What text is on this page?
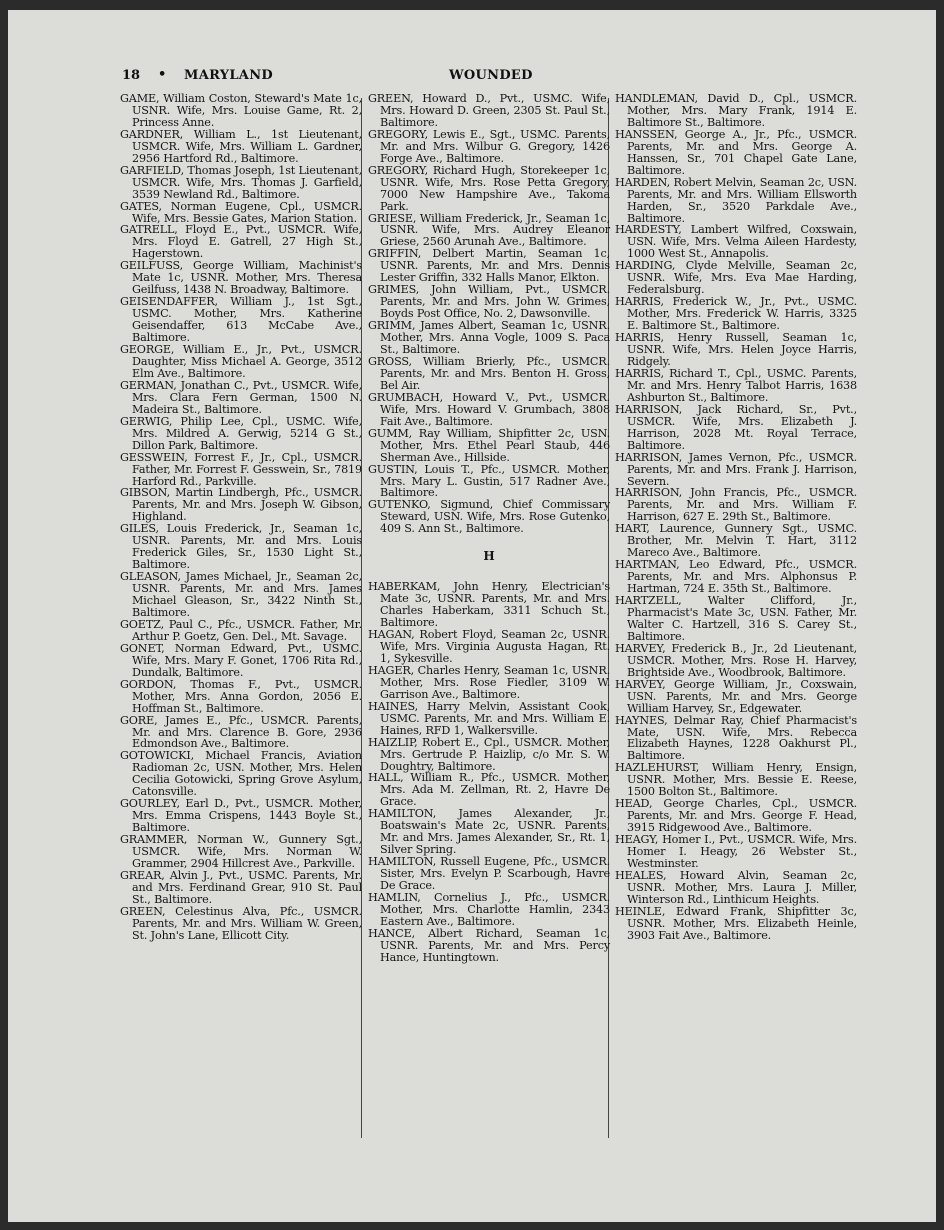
18 • MARYLAND	WOUNDED

GAME, William Coston, Steward's Mate 1c, USNR. Wife, Mrs. Louise Game, Rt. 2, Princess Anne.

GARDNER, William L., 1st Lieutenant, USMCR. Wife, Mrs. William L. Gardner, 2956 Hartford Rd., Baltimore.

GARFIELD, Thomas Joseph, 1st Lieutenant, USMCR. Wife, Mrs. Thomas J. Garfield, 3539 Newland Rd., Baltimore.

GATES, Norman Eugene, Cpl., USMCR. Wife, Mrs. Bessie Gates, Marion Station.

GATRELL, Floyd E., Pvt., USMCR. Wife, Mrs. Floyd E. Gatrell, 27 High St., Hagerstown.

GEILFUSS, George William, Machinist's Mate 1c, USNR. Mother, Mrs. Theresa Geilfuss, 1438 N. Broadway, Baltimore.

GEISENDAFFER, William J., 1st Sgt., USMC. Mother, Mrs. Katherine Geisendaffer, 613 McCabe Ave., Baltimore.

GEORGE, William E., Jr., Pvt., USMCR. Daughter, Miss Michael A. George, 3512 Elm Ave., Baltimore.

GERMAN, Jonathan C., Pvt., USMCR. Wife, Mrs. Clara Fern German, 1500 N. Madeira St., Baltimore.

GERWIG, Philip Lee, Cpl., USMC. Wife, Mrs. Mildred A. Gerwig, 5214 G St., Dillon Park, Baltimore.

GESSWEIN, Forrest F., Jr., Cpl., USMCR. Father, Mr. Forrest F. Gesswein, Sr., 7819 Harford Rd., Parkville.

GIBSON, Martin Lindbergh, Pfc., USMCR. Parents, Mr. and Mrs. Joseph W. Gibson, Highland.

GILES, Louis Frederick, Jr., Seaman 1c, USNR. Parents, Mr. and Mrs. Louis Frederick Giles, Sr., 1530 Light St., Baltimore.

GLEASON, James Michael, Jr., Seaman 2c, USNR. Parents, Mr. and Mrs. James Michael Gleason, Sr., 3422 Ninth St., Baltimore.

GOETZ, Paul C., Pfc., USMCR. Father, Mr. Arthur P. Goetz, Gen. Del., Mt. Savage.

GONET, Norman Edward, Pvt., USMC. Wife, Mrs. Mary F. Gonet, 1706 Rita Rd., Dundalk, Baltimore.

GORDON, Thomas F., Pvt., USMCR. Mother, Mrs. Anna Gordon, 2056 E. Hoffman St., Baltimore.

GORE, James E., Pfc., USMCR. Parents, Mr. and Mrs. Clarence B. Gore, 2936 Edmondson Ave., Baltimore.

GOTOWICKI, Michael Francis, Aviation Radioman 2c, USN. Mother, Mrs. Helen Cecilia Gotowicki, Spring Grove Asylum, Catonsville.

GOURLEY, Earl D., Pvt., USMCR. Mother, Mrs. Emma Crispens, 1443 Boyle St., Baltimore.

GRAMMER, Norman W., Gunnery Sgt., USMCR. Wife, Mrs. Norman W. Grammer, 2904 Hillcrest Ave., Parkville.

GREAR, Alvin J., Pvt., USMC. Parents, Mr. and Mrs. Ferdinand Grear, 910 St. Paul St., Baltimore.

GREEN, Celestinus Alva, Pfc., USMCR. Parents, Mr. and Mrs. William W. Green, St. John's Lane, Ellicott City.

GREEN, Howard D., Pvt., USMC. Wife, Mrs. Howard D. Green, 2305 St. Paul St., Baltimore.

GREGORY, Lewis E., Sgt., USMC. Parents, Mr. and Mrs. Wilbur G. Gregory, 1426 Forge Ave., Baltimore.

GREGORY, Richard Hugh, Storekeeper 1c, USNR. Wife, Mrs. Rose Petta Gregory, 7000 New Hampshire Ave., Takoma Park.

GRIESE, William Frederick, Jr., Seaman 1c, USNR. Wife, Mrs. Audrey Eleanor Griese, 2560 Arunah Ave., Baltimore.

GRIFFIN, Delbert Martin, Seaman 1c, USNR. Parents, Mr. and Mrs. Dennis Lester Griffin, 332 Halls Manor, Elkton.

GRIMES, John William, Pvt., USMCR. Parents, Mr. and Mrs. John W. Grimes, Boyds Post Office, No. 2, Dawsonville.

GRIMM, James Albert, Seaman 1c, USNR. Mother, Mrs. Anna Vogle, 1009 S. Paca St., Baltimore.

GROSS, William Brierly, Pfc., USMCR. Parents, Mr. and Mrs. Benton H. Gross, Bel Air.

GRUMBACH, Howard V., Pvt., USMCR. Wife, Mrs. Howard V. Grumbach, 3808 Fait Ave., Baltimore.

GUMM, Ray William, Shipfitter 2c, USN. Mother, Mrs. Ethel Pearl Staub, 446 Sherman Ave., Hillside.

GUSTIN, Louis T., Pfc., USMCR. Mother, Mrs. Mary L. Gustin, 517 Radner Ave., Baltimore.

GUTENKO, Sigmund, Chief Commissary Steward, USN. Wife, Mrs. Rose Gutenko, 409 S. Ann St., Baltimore.

H

HABERKAM, John Henry, Electrician's Mate 3c, USNR. Parents, Mr. and Mrs. Charles Haberkam, 3311 Schuch St., Baltimore.

HAGAN, Robert Floyd, Seaman 2c, USNR. Wife, Mrs. Virginia Augusta Hagan, Rt. 1, Sykesville.

HAGER, Charles Henry, Seaman 1c, USNR. Mother, Mrs. Rose Fiedler, 3109 W. Garrison Ave., Baltimore.

HAINES, Harry Melvin, Assistant Cook, USMC. Parents, Mr. and Mrs. William E. Haines, RFD 1, Walkersville.

HAIZLIP, Robert E., Cpl., USMCR. Mother, Mrs. Gertrude P. Haizlip, c/o Mr. S. W. Doughtry, Baltimore.

HALL, William R., Pfc., USMCR. Mother, Mrs. Ada M. Zellman, Rt. 2, Havre De Grace.

HAMILTON, James Alexander, Jr., Boatswain's Mate 2c, USNR. Parents, Mr. and Mrs. James Alexander, Sr., Rt. 1, Silver Spring.

HAMILTON, Russell Eugene, Pfc., USMCR. Sister, Mrs. Evelyn P. Scarbough, Havre De Grace.

HAMLIN, Cornelius J., Pfc., USMCR. Mother, Mrs. Charlotte Hamlin, 2343 Eastern Ave., Baltimore.

HANCE, Albert Richard, Seaman 1c, USNR. Parents, Mr. and Mrs. Percy Hance, Huntingtown.

HANDLEMAN, David D., Cpl., USMCR. Mother, Mrs. Mary Frank, 1914 E. Baltimore St., Baltimore.

HANSSEN, George A., Jr., Pfc., USMCR. Parents, Mr. and Mrs. George A. Hanssen, Sr., 701 Chapel Gate Lane, Baltimore.

HARDEN, Robert Melvin, Seaman 2c, USN. Parents, Mr. and Mrs. William Ellsworth Harden, Sr., 3520 Parkdale Ave., Baltimore.

HARDESTY, Lambert Wilfred, Coxswain, USN. Wife, Mrs. Velma Aileen Hardesty, 1000 West St., Annapolis.

HARDING, Clyde Melville, Seaman 2c, USNR. Wife, Mrs. Eva Mae Harding, Federalsburg.

HARRIS, Frederick W., Jr., Pvt., USMC. Mother, Mrs. Frederick W. Harris, 3325 E. Baltimore St., Baltimore.

HARRIS, Henry Russell, Seaman 1c, USNR. Wife, Mrs. Helen Joyce Harris, Ridgely.

HARRIS, Richard T., Cpl., USMC. Parents, Mr. and Mrs. Henry Talbot Harris, 1638 Ashburton St., Baltimore.

HARRISON, Jack Richard, Sr., Pvt., USMCR. Wife, Mrs. Elizabeth J. Harrison, 2028 Mt. Royal Terrace, Baltimore.

HARRISON, James Vernon, Pfc., USMCR. Parents, Mr. and Mrs. Frank J. Harrison, Severn.

HARRISON, John Francis, Pfc., USMCR. Parents, Mr. and Mrs. William F. Harrison, 627 E. 29th St., Baltimore.

HART, Laurence, Gunnery Sgt., USMC. Brother, Mr. Melvin T. Hart, 3112 Mareco Ave., Baltimore.

HARTMAN, Leo Edward, Pfc., USMCR. Parents, Mr. and Mrs. Alphonsus P. Hartman, 724 E. 35th St., Baltimore.

HARTZELL, Walter Clifford, Jr., Pharmacist's Mate 3c, USN. Father, Mr. Walter C. Hartzell, 316 S. Carey St., Baltimore.

HARVEY, Frederick B., Jr., 2d Lieutenant, USMCR. Mother, Mrs. Rose H. Harvey, Brightside Ave., Woodbrook, Baltimore.

HARVEY, George William, Jr., Coxswain, USN. Parents, Mr. and Mrs. George William Harvey, Sr., Edgewater.

HAYNES, Delmar Ray, Chief Pharmacist's Mate, USN. Wife, Mrs. Rebecca Elizabeth Haynes, 1228 Oakhurst Pl., Baltimore.

HAZLEHURST, William Henry, Ensign, USNR. Mother, Mrs. Bessie E. Reese, 1500 Bolton St., Baltimore.

HEAD, George Charles, Cpl., USMCR. Parents, Mr. and Mrs. George F. Head, 3915 Ridgewood Ave., Baltimore.

HEAGY, Homer I., Pvt., USMCR. Wife, Mrs. Homer I. Heagy, 26 Webster St., Westminster.

HEALES, Howard Alvin, Seaman 2c, USNR. Mother, Mrs. Laura J. Miller, Winterson Rd., Linthicum Heights.

HEINLE, Edward Frank, Shipfitter 3c, USNR. Mother, Mrs. Elizabeth Heinle, 3903 Fait Ave., Baltimore.
